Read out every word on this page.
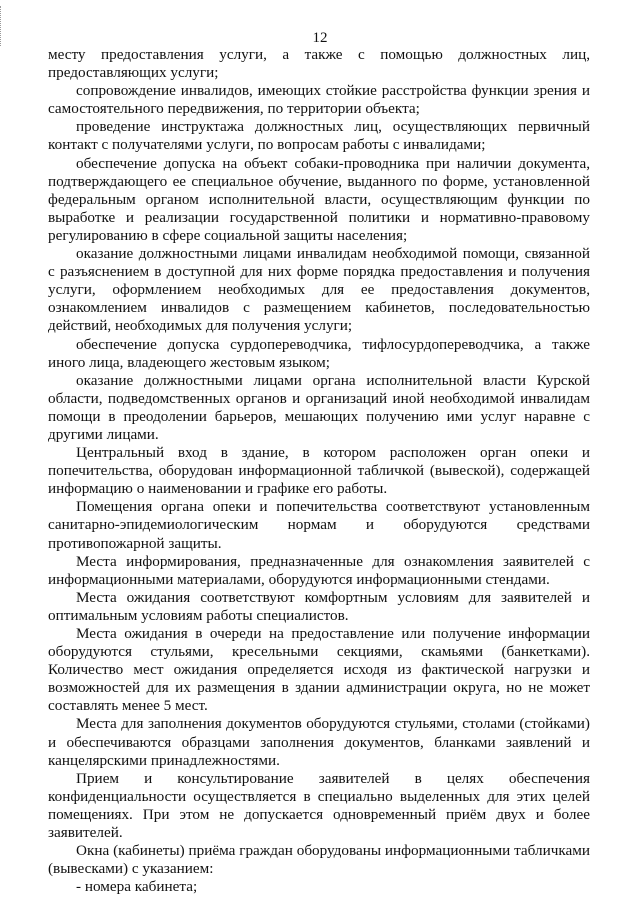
12

месту предоставления услуги, а также с помощью должностных лиц, предоставляющих услуги;

сопровождение инвалидов, имеющих стойкие расстройства функции зрения и самостоятельного передвижения, по территории объекта;

проведение инструктажа должностных лиц, осуществляющих первичный контакт с получателями услуги, по вопросам работы с инвалидами;

обеспечение допуска на объект собаки-проводника при наличии документа, подтверждающего ее специальное обучение, выданного по форме, установленной федеральным органом исполнительной власти, осуществляющим функции по выработке и реализации государственной политики и нормативно-правовому регулированию в сфере социальной защиты населения;

оказание должностными лицами инвалидам необходимой помощи, связанной с разъяснением в доступной для них форме порядка предоставления и получения услуги, оформлением необходимых для ее предоставления документов, ознакомлением инвалидов с размещением кабинетов, последовательностью действий, необходимых для получения услуги;

обеспечение допуска сурдопереводчика, тифлосурдопереводчика, а также иного лица, владеющего жестовым языком;

оказание должностными лицами органа исполнительной власти Курской области, подведомственных органов и организаций иной необходимой инвалидам помощи в преодолении барьеров, мешающих получению ими услуг наравне с другими лицами.

Центральный вход в здание, в котором расположен орган опеки и попечительства, оборудован информационной табличкой (вывеской), содержащей информацию о наименовании и графике его работы.

Помещения органа опеки и попечительства соответствуют установленным санитарно-эпидемиологическим нормам и оборудуются средствами противопожарной защиты.

Места информирования, предназначенные для ознакомления заявителей с информационными материалами, оборудуются информационными стендами.

Места ожидания соответствуют комфортным условиям для заявителей и оптимальным условиям работы специалистов.

Места ожидания в очереди на предоставление или получение информации оборудуются стульями, кресельными секциями, скамьями (банкетками). Количество мест ожидания определяется исходя из фактической нагрузки и возможностей для их размещения в здании администрации округа, но не может составлять менее 5 мест.

Места для заполнения документов оборудуются стульями, столами (стойками) и обеспечиваются образцами заполнения документов, бланками заявлений и канцелярскими принадлежностями.

Прием и консультирование заявителей в целях обеспечения конфиденциальности осуществляется в специально выделенных для этих целей помещениях. При этом не допускается одновременный приём двух и более заявителей.

Окна (кабинеты) приёма граждан оборудованы информационными табличками (вывесками) с указанием:

- номера кабинета;
